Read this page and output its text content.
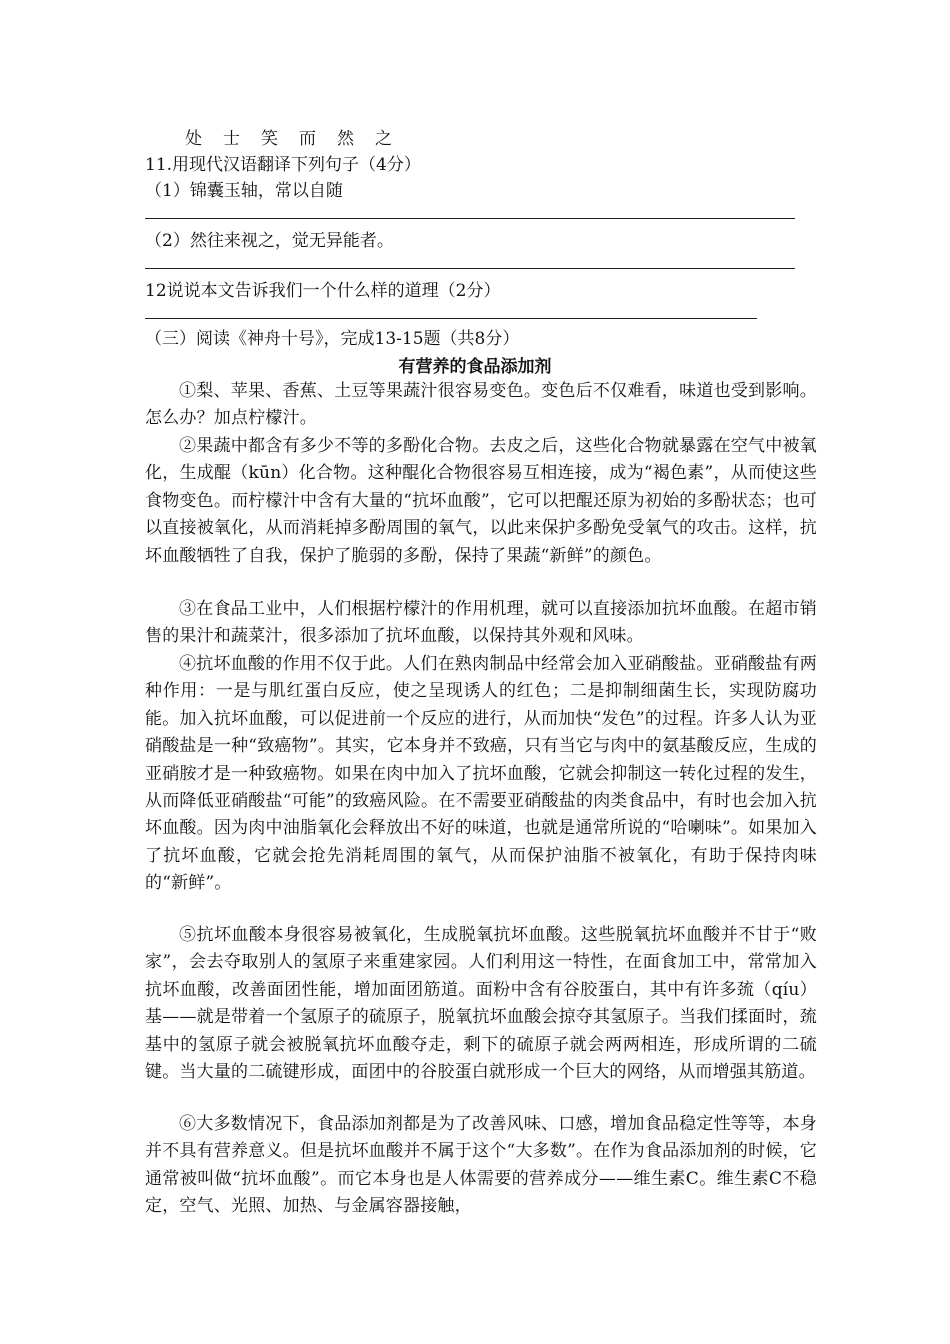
处 士 笑 而 然 之
11.用现代汉语翻译下列句子（4分）
（1）锦囊玉轴，常以自随
（2）然往来视之，觉无异能者。
12说说本文告诉我们一个什么样的道理（2分）
（三）阅读《神舟十号》，完成13-15题（共8分）
有营养的食品添加剂
①梨、苹果、香蕉、土豆等果蔬汁很容易变色。变色后不仅难看，味道也受到影响。怎么办？加点柠檬汁。
②果蔬中都含有多少不等的多酚化合物。去皮之后，这些化合物就暴露在空气中被氧化，生成醌（kūn）化合物。这种醌化合物很容易互相连接，成为“褐色素”，从而使这些食物变色。而柠檬汁中含有大量的“抗坏血酸”，它可以把醌还原为初始的多酚状态；也可以直接被氧化，从而消耗掉多酚周围的氧气，以此来保护多酚免受氧气的攻击。这样，抗坏血酸牺牲了自我，保护了脆弱的多酚，保持了果蔬“新鲜”的颜色。
③在食品工业中，人们根据柠檬汁的作用机理，就可以直接添加抗坏血酸。在超市销售的果汁和蔬菜汁，很多添加了抗坏血酸，以保持其外观和风味。
④抗坏血酸的作用不仅于此。人们在熟肉制品中经常会加入亚硝酸盐。亚硝酸盐有两种作用：一是与肌红蛋白反应，使之呈现诱人的红色；二是抑制细菌生长，实现防腐功能。加入抗坏血酸，可以促进前一个反应的进行，从而加快“发色”的过程。许多人认为亚硝酸盐是一种“致癌物”。其实，它本身并不致癌，只有当它与肉中的氨基酸反应，生成的亚硝胺才是一种致癌物。如果在肉中加入了抗坏血酸，它就会抑制这一转化过程的发生，从而降低亚硝酸盐“可能”的致癌风险。在不需要亚硝酸盐的肉类食品中，有时也会加入抗坏血酸。因为肉中油脂氧化会释放出不好的味道，也就是通常所说的“哈喇味”。如果加入了抗坏血酸，它就会抢先消耗周围的氧气，从而保护油脂不被氧化，有助于保持肉味的“新鲜”。
⑤抗坏血酸本身很容易被氧化，生成脱氧抗坏血酸。这些脱氧抗坏血酸并不甘于“败家”，会去夺取别人的氢原子来重建家园。人们利用这一特性，在面食加工中，常常加入抗坏血酸，改善面团性能，增加面团筋道。面粉中含有谷胶蛋白，其中有许多巯（qíu）基——就是带着一个氢原子的硫原子，脱氧抗坏血酸会掠夺其氢原子。当我们揉面时，巯基中的氢原子就会被脱氧抗坏血酸夺走，剩下的硫原子就会两两相连，形成所谓的二硫键。当大量的二硫键形成，面团中的谷胶蛋白就形成一个巨大的网络，从而增强其筋道。
⑥大多数情况下，食品添加剂都是为了改善风味、口感，增加食品稳定性等等，本身并不具有营养意义。但是抗坏血酸并不属于这个“大多数”。在作为食品添加剂的时候，它通常被叫做“抗坏血酸”。而它本身也是人体需要的营养成分——维生素C。维生素C不稳定，空气、光照、加热、与金属容器接触，
